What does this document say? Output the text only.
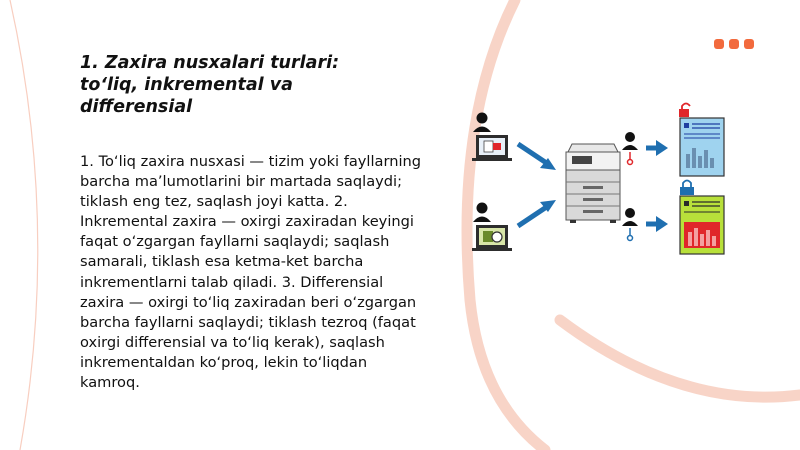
1. Zaxira nusxalari turlari: to‘liq, inkremental va differensial

1. To‘liq zaxira nusxasi — tizim yoki fayllarning barcha ma’lumotlarini bir martada saqlaydi; tiklash eng tez, saqlash joyi katta. 2. Inkremental zaxira — oxirgi zaxiradan keyingi faqat o‘zgargan fayllarni saqlaydi; saqlash samarali, tiklash esa ketma-ket barcha inkrementlarni talab qiladi. 3. Differensial zaxira — oxirgi to‘liq zaxiradan beri o‘zgargan barcha fayllarni saqlaydi; tiklash tezroq (faqat oxirgi differensial va to‘liq kerak), saqlash inkrementaldan ko‘proq, lekin to‘liqdan kamroq.
